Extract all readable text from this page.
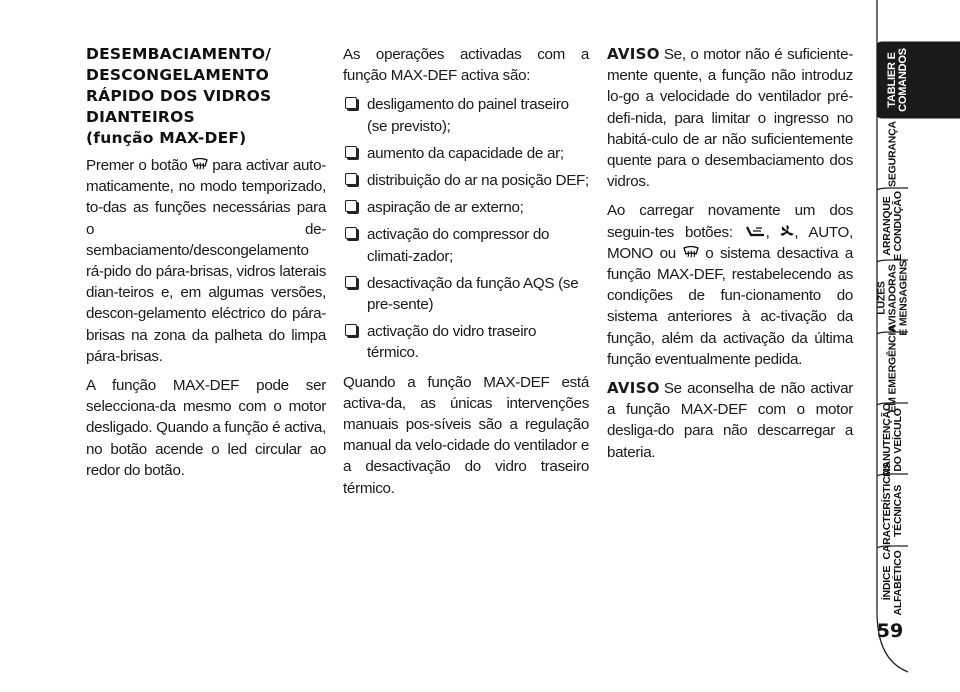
DESEMBACIAMENTO/
DESCONGELAMENTO
RÁPIDO DOS VIDROS
DIANTEIROS
(função MAX-DEF)

Premer o botão para activar auto-maticamente, no modo temporizado, to-das as funções necessárias para o de-sembaciamento/descongelamento rá-pido do pára-brisas, vidros laterais dian-teiros e, em algumas versões, descon-gelamento eléctrico do pára-brisas na zona da palheta do limpa pára-brisas.

A função MAX-DEF pode ser selecciona-da mesmo com o motor desligado. Quando a função é activa, no botão acende o led circular ao redor do botão.

As operações activadas com a função MAX-DEF activa são:

desligamento do painel traseiro (se previsto);
aumento da capacidade de ar;
distribuição do ar na posição DEF;
aspiração de ar externo;
activação do compressor do climati-zador;
desactivação da função AQS (se pre-sente)
activação do vidro traseiro térmico.

Quando a função MAX-DEF está activa-da, as únicas intervenções manuais pos-síveis são a regulação manual da velo-cidade do ventilador e a desactivação do vidro traseiro térmico.

AVISO Se, o motor não é suficiente-mente quente, a função não introduz lo-go a velocidade do ventilador pré-defi-nida, para limitar o ingresso no habitá-culo de ar não suficientemente quente para o desembaciamento dos vidros.

Ao carregar novamente um dos seguin-tes botões: , , AUTO, MONO ou o sistema desactiva a função MAX-DEF, restabelecendo as condições de fun-cionamento do sistema anteriores à ac-tivação da função, além da activação da última função eventualmente pedida.

AVISO Se aconselha de não activar a função MAX-DEF com o motor desliga-do para não descarregar a bateria.

TABLIER E
COMANDOS
SEGURANÇA
ARRANQUE
E CONDUÇÃO
LUZES
AVISADORAS
E MENSAGENS
EM EMERGÊNCIA
MANUTENÇÃO
DO VEÍCULO
CARACTERÍSTICAS
TÉCNICAS
ÍNDICE
ALFABÉTICO
59
